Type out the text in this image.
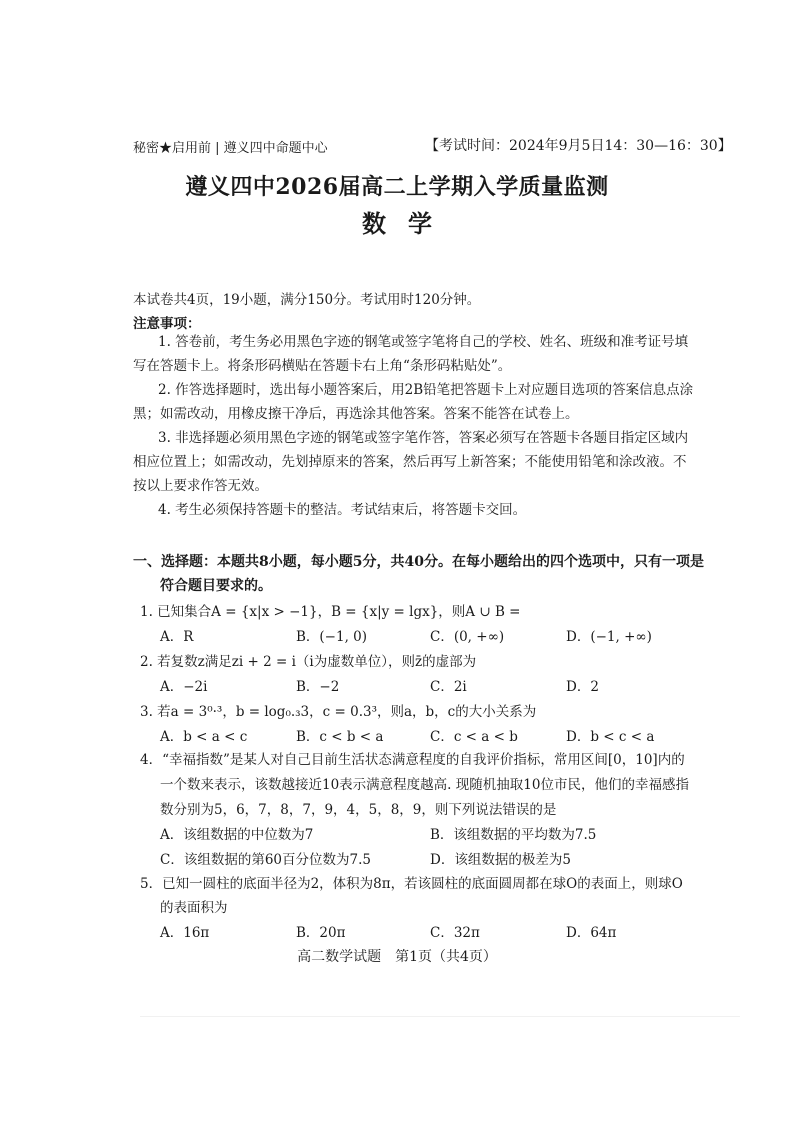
秘密★启用前 | 遵义四中命题中心	【考试时间：2024年9月5日14：30—16：30】
遵义四中2026届高二上学期入学质量监测
数学
本试卷共4页，19小题，满分150分。考试用时120分钟。
注意事项：
1. 答卷前，考生务必用黑色字迹的钢笔或签字笔将自己的学校、姓名、班级和准考证号填写在答题卡上。将条形码横贴在答题卡右上角“条形码粘贴处”。
2. 作答选择题时，选出每小题答案后，用2B铅笔把答题卡上对应题目选项的答案信息点涂黑；如需改动，用橡皮擦干净后，再选涂其他答案。答案不能答在试卷上。
3. 非选择题必须用黑色字迹的钢笔或签字笔作答，答案必须写在答题卡各题目指定区域内相应位置上；如需改动，先划掉原来的答案，然后再写上新答案；不能使用铅笔和涂改液。不按以上要求作答无效。
4. 考生必须保持答题卡的整洁。考试结束后，将答题卡交回。
一、选择题：本题共8小题，每小题5分，共40分。在每小题给出的四个选项中，只有一项是
符合题目要求的。
1. 已知集合A = {x|x > −1}，B = {x|y = lgx}，则A ∪ B =
A．R	B．(−1, 0)	C．(0, +∞)	D．(−1, +∞)
2. 若复数z满足zi + 2 = i（i为虚数单位），则z̄的虚部为
A．−2i	B．−2	C．2i	D．2
3. 若a = 3⁰·³，b = log₀.₃3，c = 0.3³，则a，b，c的大小关系为
A．b < a < c	B．c < b < a	C．c < a < b	D．b < c < a
4．“幸福指数”是某人对自己目前生活状态满意程度的自我评价指标，常用区间[0，10]内的
一个数来表示，该数越接近10表示满意程度越高. 现随机抽取10位市民，他们的幸福感指
数分别为5，6，7，8，7，9，4，5，8，9，则下列说法错误的是
A．该组数据的中位数为7	B．该组数据的平均数为7.5
C．该组数据的第60百分位数为7.5	D．该组数据的极差为5
5．已知一圆柱的底面半径为2，体积为8π，若该圆柱的底面圆周都在球O的表面上，则球O
的表面积为
A．16π	B．20π	C．32π	D．64π
高二数学试题　第1页（共4页）
